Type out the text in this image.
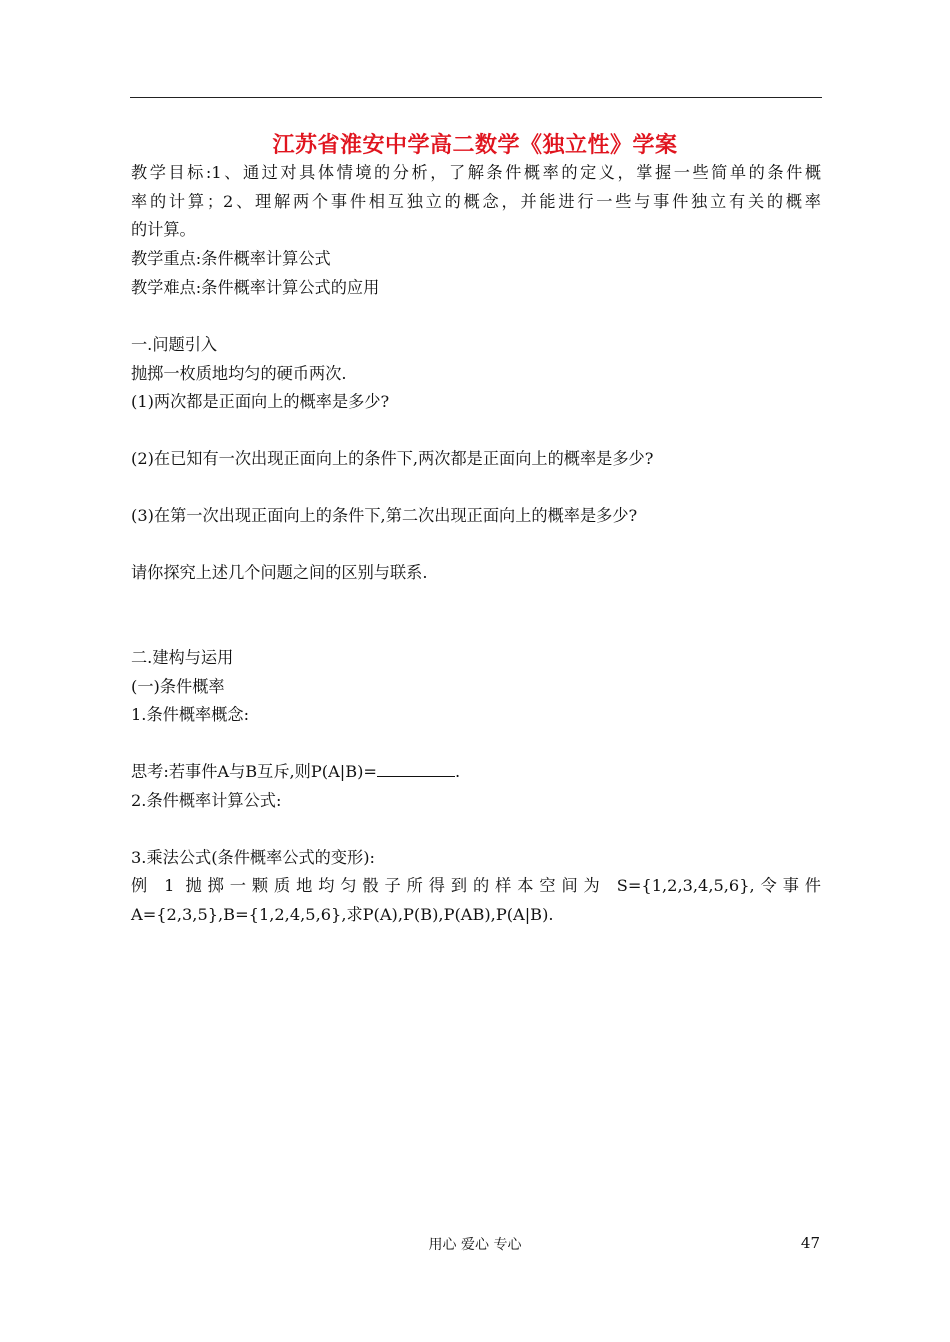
江苏省淮安中学高二数学《独立性》学案
教学目标:1、通过对具体情境的分析，了解条件概率的定义，掌握一些简单的条件概
率的计算；2、理解两个事件相互独立的概念，并能进行一些与事件独立有关的概率
的计算。
教学重点:条件概率计算公式
教学难点:条件概率计算公式的应用
一.问题引入
抛掷一枚质地均匀的硬币两次.
(1)两次都是正面向上的概率是多少?
(2)在已知有一次出现正面向上的条件下,两次都是正面向上的概率是多少?
(3)在第一次出现正面向上的条件下,第二次出现正面向上的概率是多少?
请你探究上述几个问题之间的区别与联系.
二.建构与运用
(一)条件概率
1.条件概率概念:
思考:若事件A与B互斥,则P(A|B)=	.
2.条件概率计算公式:
3.乘法公式(条件概率公式的变形):
例 1 抛掷一颗质地均匀骰子所得到的样本空间为 S={1,2,3,4,5,6},令事件
A={2,3,5},B={1,2,4,5,6},求P(A),P(B),P(AB),P(A|B).
用心 爱心 专心	47
